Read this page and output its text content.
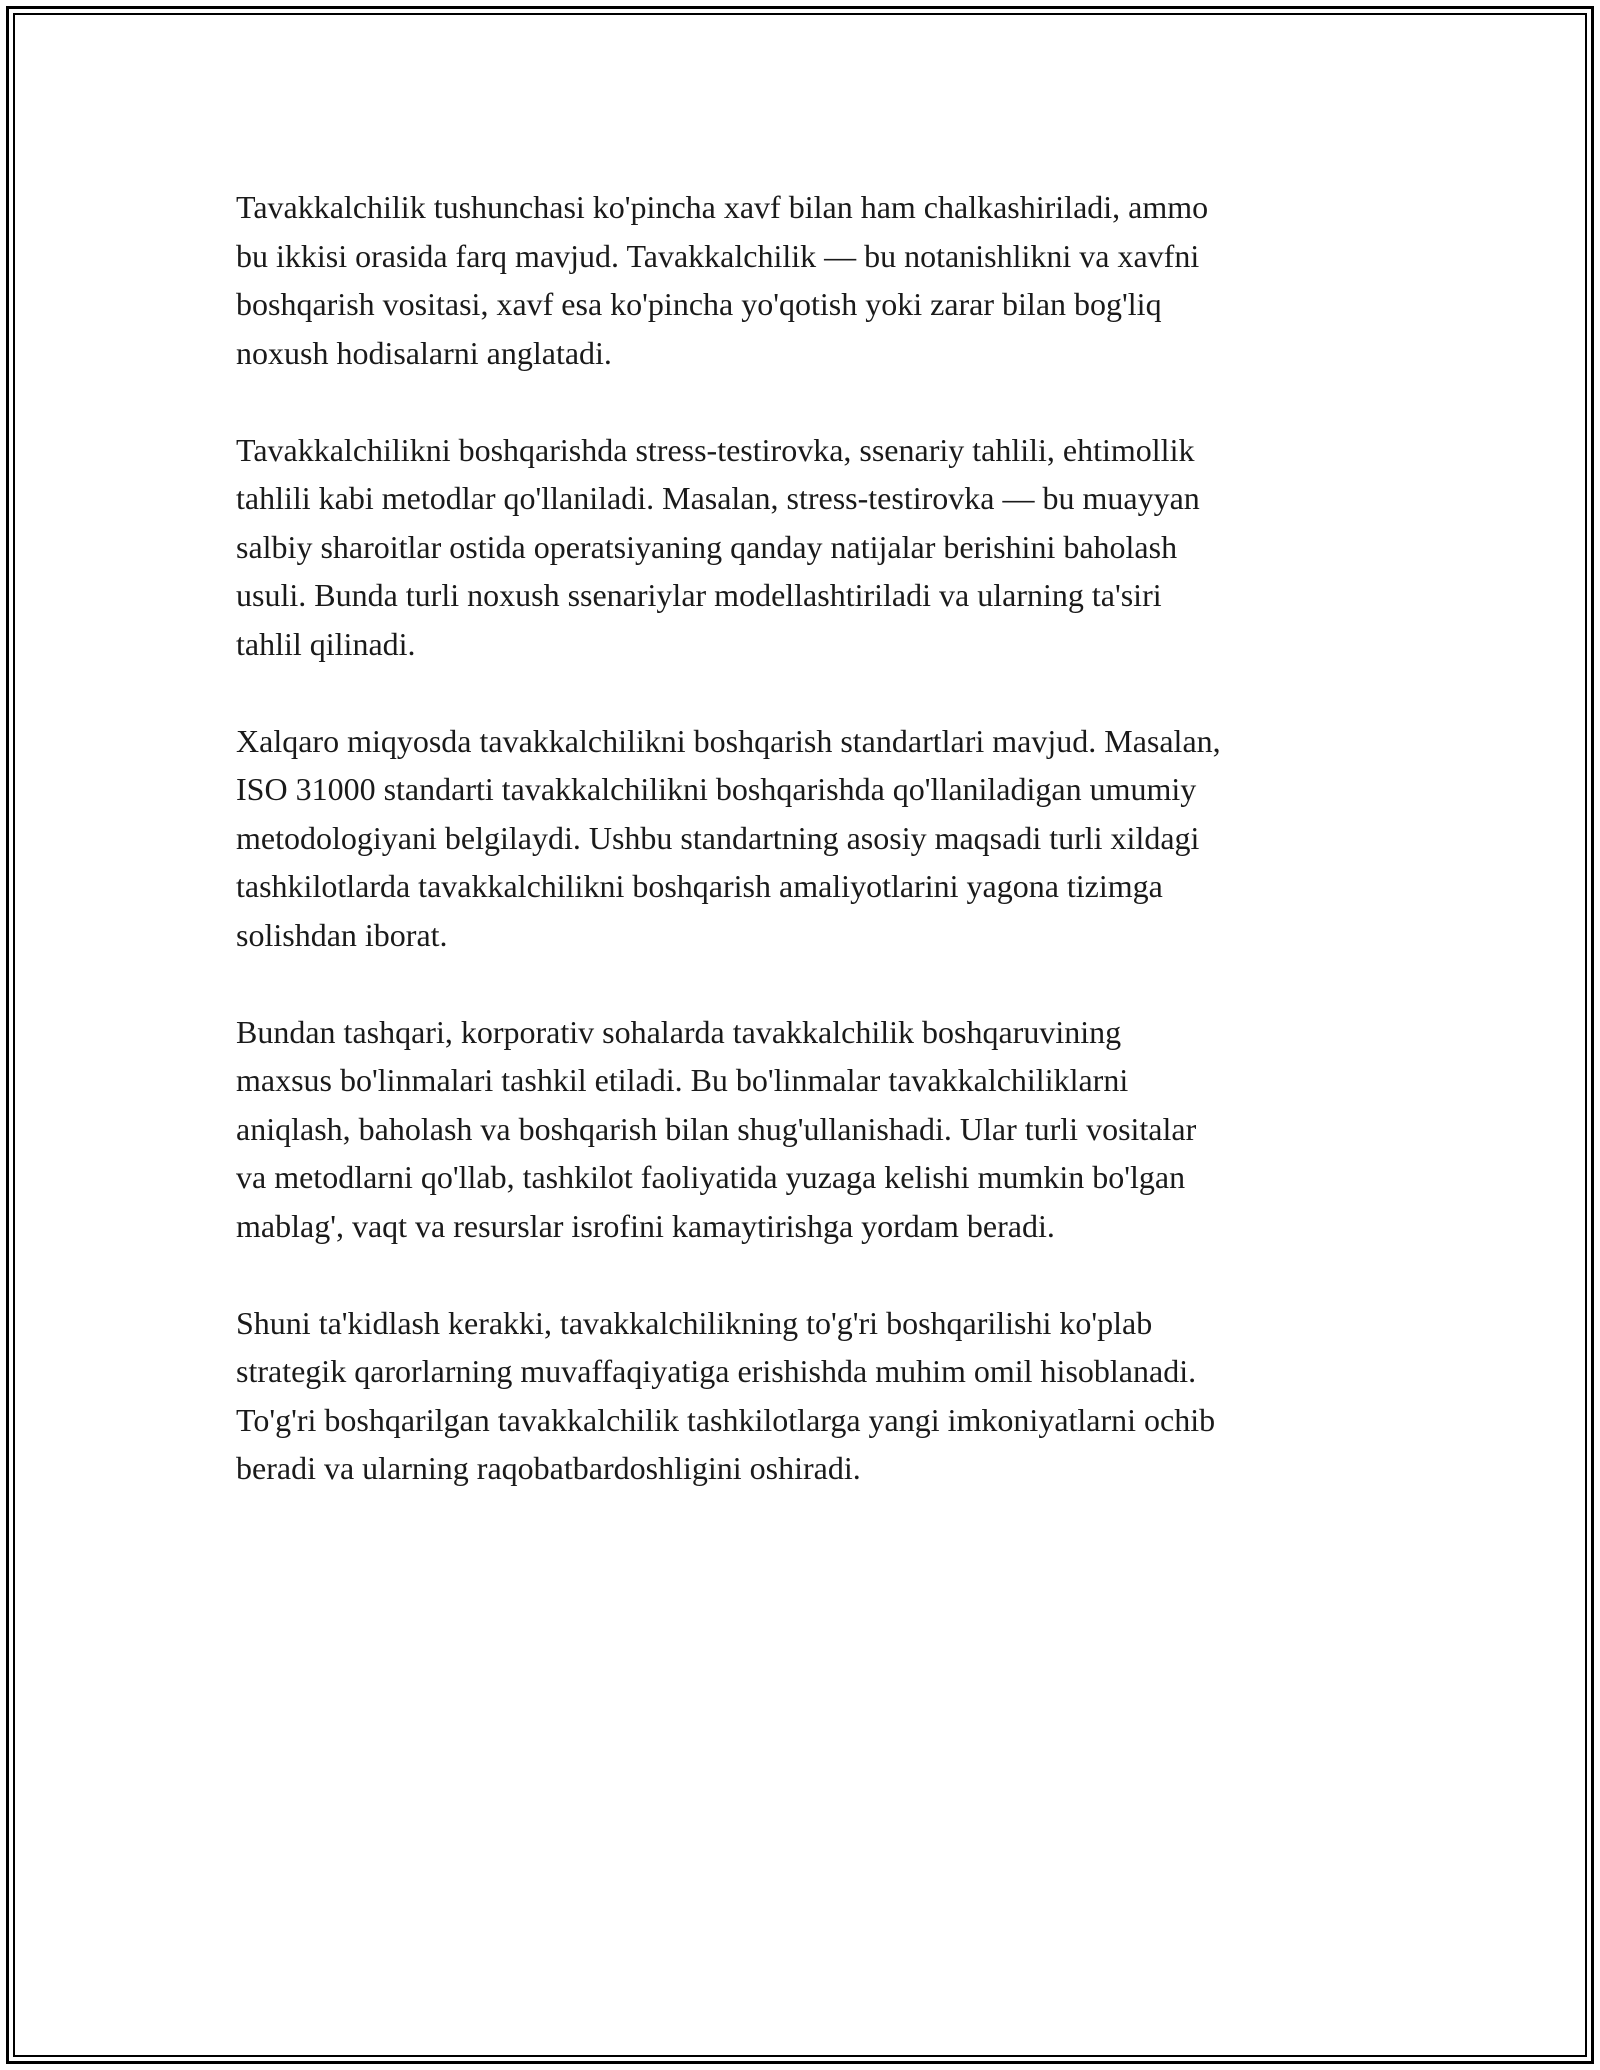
Tavakkalchilik tushunchasi ko'pincha xavf bilan ham chalkashiriladi, ammo
bu ikkisi orasida farq mavjud. Tavakkalchilik — bu notanishlikni va xavfni
boshqarish vositasi, xavf esa ko'pincha yo'qotish yoki zarar bilan bog'liq
noxush hodisalarni anglatadi.

Tavakkalchilikni boshqarishda stress-testirovka, ssenariy tahlili, ehtimollik
tahlili kabi metodlar qo'llaniladi. Masalan, stress-testirovka — bu muayyan
salbiy sharoitlar ostida operatsiyaning qanday natijalar berishini baholash
usuli. Bunda turli noxush ssenariylar modellashtiriladi va ularning ta'siri
tahlil qilinadi.

Xalqaro miqyosda tavakkalchilikni boshqarish standartlari mavjud. Masalan,
ISO 31000 standarti tavakkalchilikni boshqarishda qo'llaniladigan umumiy
metodologiyani belgilaydi. Ushbu standartning asosiy maqsadi turli xildagi
tashkilotlarda tavakkalchilikni boshqarish amaliyotlarini yagona tizimga
solishdan iborat.

Bundan tashqari, korporativ sohalarda tavakkalchilik boshqaruvining
maxsus bo'linmalari tashkil etiladi. Bu bo'linmalar tavakkalchiliklarni
aniqlash, baholash va boshqarish bilan shug'ullanishadi. Ular turli vositalar
va metodlarni qo'llab, tashkilot faoliyatida yuzaga kelishi mumkin bo'lgan
mablag', vaqt va resurslar isrofini kamaytirishga yordam beradi.

Shuni ta'kidlash kerakki, tavakkalchilikning to'g'ri boshqarilishi ko'plab
strategik qarorlarning muvaffaqiyatiga erishishda muhim omil hisoblanadi.
To'g'ri boshqarilgan tavakkalchilik tashkilotlarga yangi imkoniyatlarni ochib
beradi va ularning raqobatbardoshligini oshiradi.
